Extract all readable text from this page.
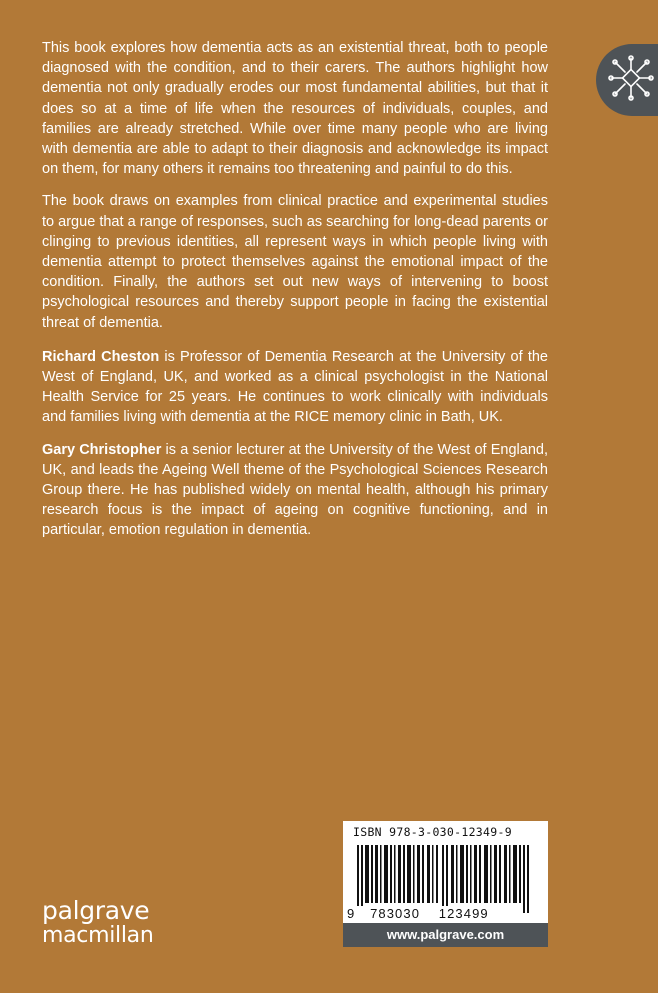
This book explores how dementia acts as an existential threat, both to people diagnosed with the condition, and to their carers. The authors highlight how dementia not only gradually erodes our most fundamental abilities, but that it does so at a time of life when the resources of individuals, couples, and families are already stretched. While over time many people who are living with dementia are able to adapt to their diagnosis and acknowledge its impact on them, for many others it remains too threatening and painful to do this.

The book draws on examples from clinical practice and experimental studies to argue that a range of responses, such as searching for long-dead parents or clinging to previous identities, all represent ways in which people living with dementia attempt to protect themselves against the emotional impact of the condition. Finally, the authors set out new ways of intervening to boost psychological resources and thereby support people in facing the existential threat of dementia.

Richard Cheston is Professor of Dementia Research at the University of the West of England, UK, and worked as a clinical psychologist in the National Health Service for 25 years. He continues to work clinically with individuals and families living with dementia at the RICE memory clinic in Bath, UK.

Gary Christopher is a senior lecturer at the University of the West of England, UK, and leads the Ageing Well theme of the Psychological Sciences Research Group there. He has published widely on mental health, although his primary research focus is the impact of ageing on cognitive functioning, and in particular, emotion regulation in dementia.

palgrave
macmillan
ISBN 978-3-030-12349-9
9 783030 123499
www.palgrave.com
